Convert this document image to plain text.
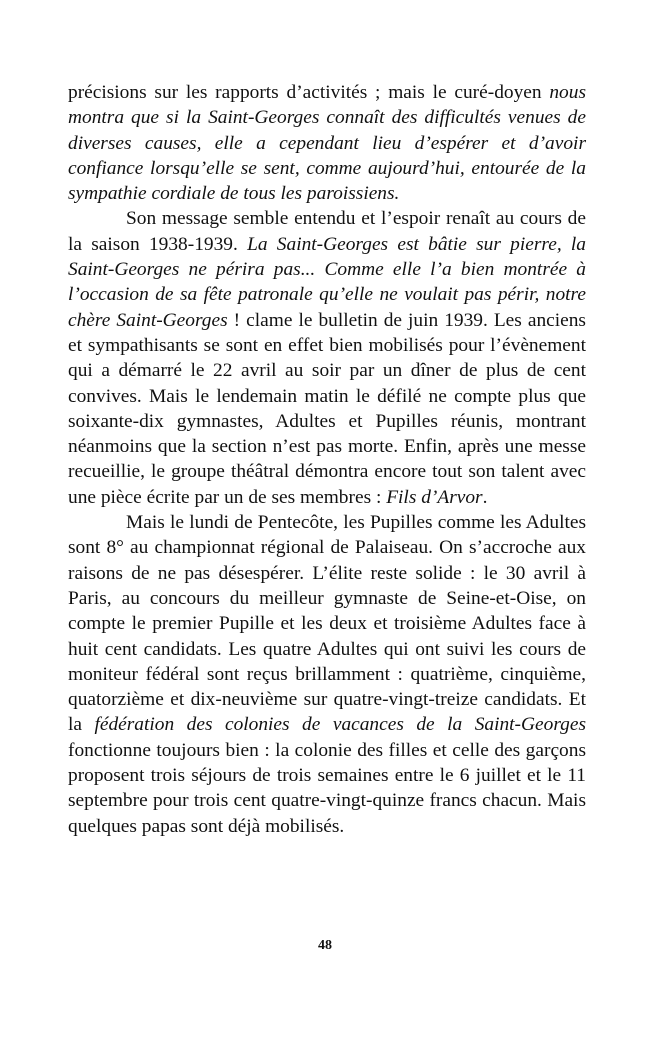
précisions sur les rapports d’activités ; mais le curé-doyen nous montra que si la Saint-Georges connaît des difficultés venues de diverses causes, elle a cependant lieu d’espérer et d’avoir confiance lorsqu’elle se sent, comme aujourd’hui, entourée de la sympathie cordiale de tous les paroissiens.

Son message semble entendu et l’espoir renaît au cours de la saison 1938-1939. La Saint-Georges est bâtie sur pierre, la Saint-Georges ne périra pas... Comme elle l’a bien montrée à l’occasion de sa fête patronale qu’elle ne voulait pas périr, notre chère Saint-Georges ! clame le bulletin de juin 1939. Les anciens et sympathisants se sont en effet bien mobilisés pour l’évènement qui a démarré le 22 avril au soir par un dîner de plus de cent convives. Mais le lendemain matin le défilé ne compte plus que soixante-dix gymnastes, Adultes et Pupilles réunis, montrant néanmoins que la section n’est pas morte. Enfin, après une messe recueillie, le groupe théâtral démontra encore tout son talent avec une pièce écrite par un de ses membres : Fils d’Arvor.

Mais le lundi de Pentecôte, les Pupilles comme les Adultes sont 8° au championnat régional de Palaiseau. On s’accroche aux raisons de ne pas désespérer. L’élite reste solide : le 30 avril à Paris, au concours du meilleur gymnaste de Seine-et-Oise, on compte le premier Pupille et les deux et troisième Adultes face à huit cent candidats. Les quatre Adultes qui ont suivi les cours de moniteur fédéral sont reçus brillamment : quatrième, cinquième, quatorzième et dix-neuvième sur quatre-vingt-treize candidats. Et la fédération des colonies de vacances de la Saint-Georges fonctionne toujours bien : la colonie des filles et celle des garçons proposent trois séjours de trois semaines entre le 6 juillet et le 11 septembre pour trois cent quatre-vingt-quinze francs chacun. Mais quelques papas sont déjà mobilisés.

48
